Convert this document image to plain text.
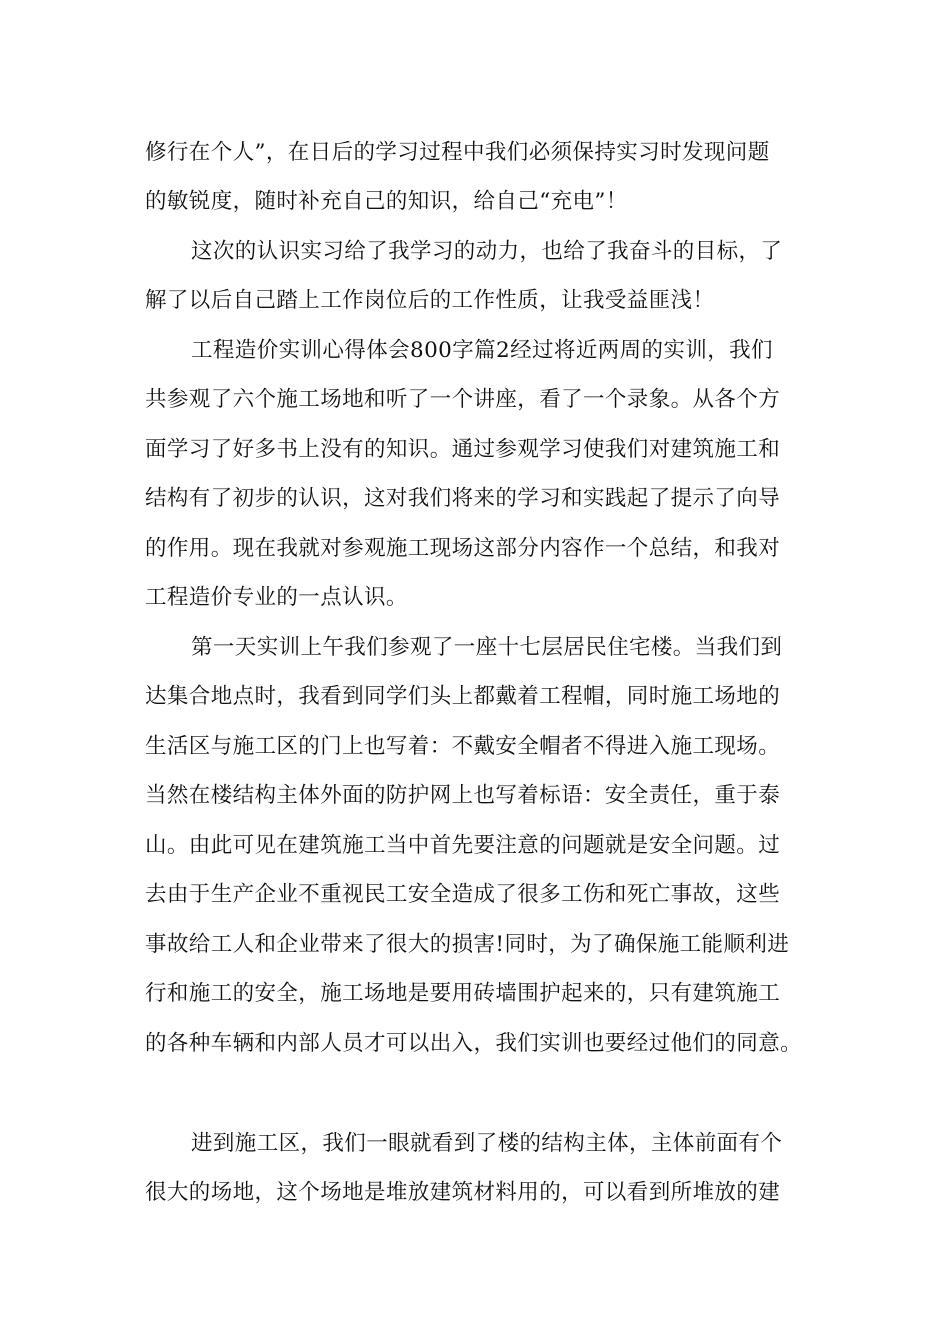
修行在个人”，在日后的学习过程中我们必须保持实习时发现问题
的敏锐度，随时补充自己的知识，给自己“充电”！
这次的认识实习给了我学习的动力，也给了我奋斗的目标，了
解了以后自己踏上工作岗位后的工作性质，让我受益匪浅！
工程造价实训心得体会800字篇2经过将近两周的实训，我们
共参观了六个施工场地和听了一个讲座，看了一个录象。从各个方
面学习了好多书上没有的知识。通过参观学习使我们对建筑施工和
结构有了初步的认识，这对我们将来的学习和实践起了提示了向导
的作用。现在我就对参观施工现场这部分内容作一个总结，和我对
工程造价专业的一点认识。
第一天实训上午我们参观了一座十七层居民住宅楼。当我们到
达集合地点时，我看到同学们头上都戴着工程帽，同时施工场地的
生活区与施工区的门上也写着：不戴安全帽者不得进入施工现场。
当然在楼结构主体外面的防护网上也写着标语：安全责任，重于泰
山。由此可见在建筑施工当中首先要注意的问题就是安全问题。过
去由于生产企业不重视民工安全造成了很多工伤和死亡事故，这些
事故给工人和企业带来了很大的损害!同时，为了确保施工能顺利进
行和施工的安全，施工场地是要用砖墙围护起来的，只有建筑施工
的各种车辆和内部人员才可以出入，我们实训也要经过他们的同意。
进到施工区，我们一眼就看到了楼的结构主体，主体前面有个
很大的场地，这个场地是堆放建筑材料用的，可以看到所堆放的建
